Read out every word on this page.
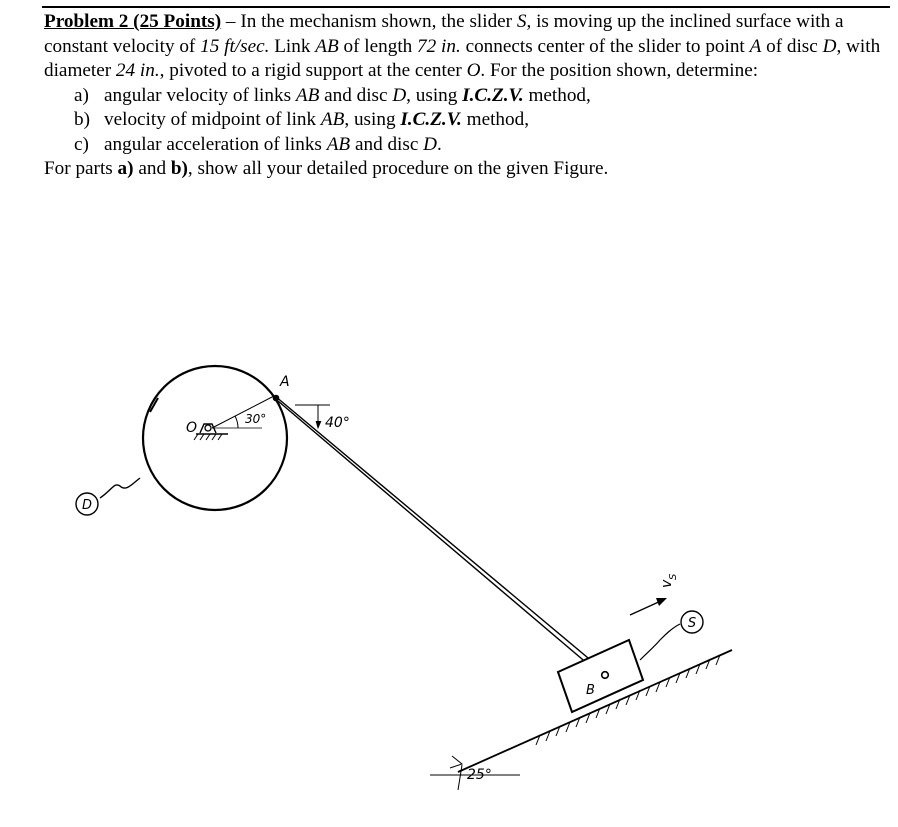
Problem 2 (25 Points) – In the mechanism shown, the slider S, is moving up the inclined surface with a constant velocity of 15 ft/sec. Link AB of length 72 in. connects center of the slider to point A of disc D, with diameter 24 in., pivoted to a rigid support at the center O. For the position shown, determine:

a) angular velocity of links AB and disc D, using I.C.Z.V. method,
b) velocity of midpoint of link AB, using I.C.Z.V. method,
c) angular acceleration of links AB and disc D.

For parts a) and b), show all your detailed procedure on the given Figure.

D
O
30°
A
40°
B
S
v
S
25°
